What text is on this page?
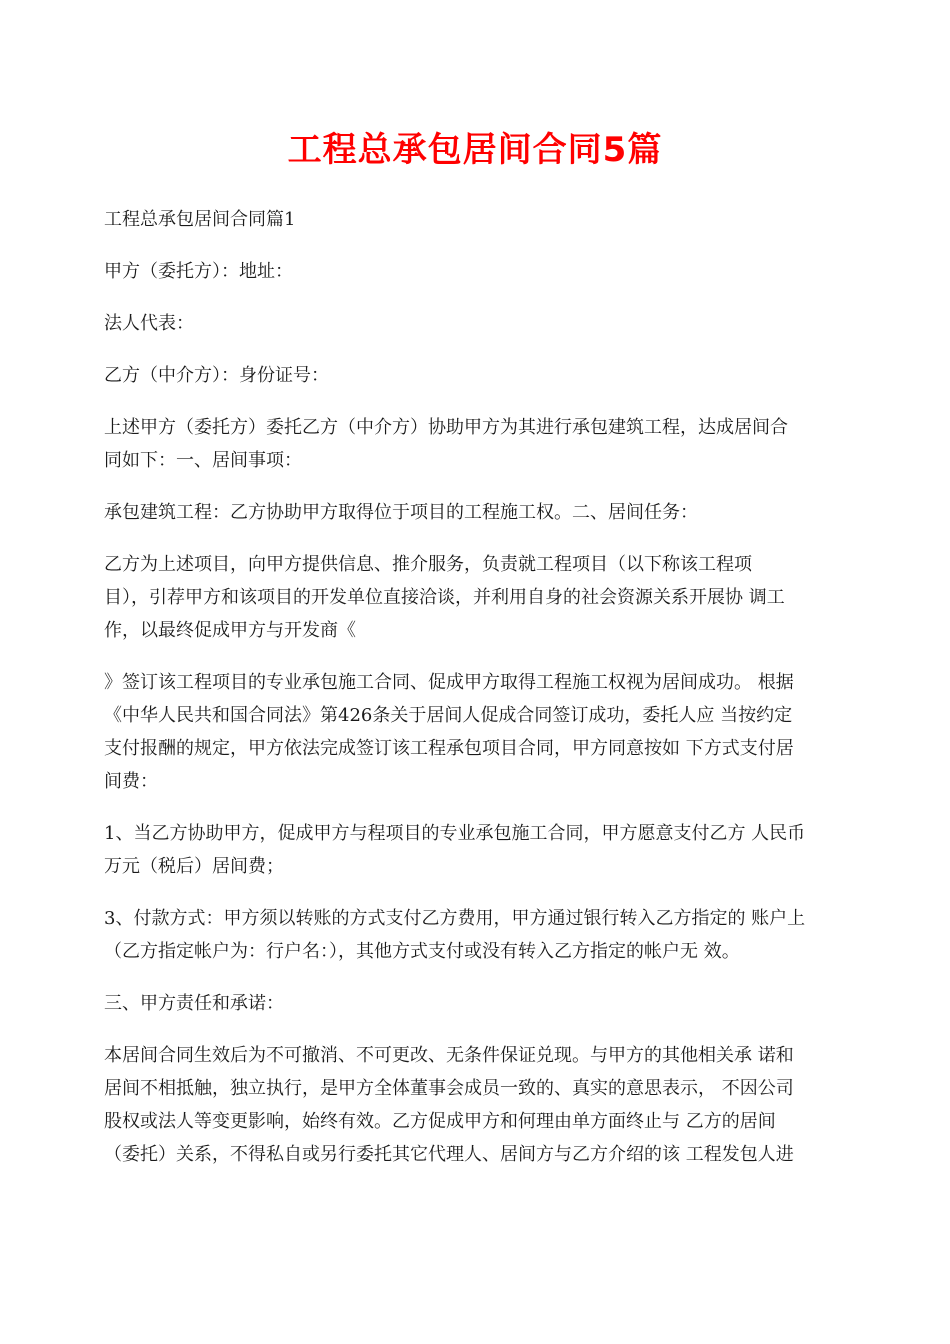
工程总承包居间合同5篇

工程总承包居间合同篇1

甲方（委托方）：地址：

法人代表：

乙方（中介方）：身份证号：

上述甲方（委托方）委托乙方（中介方）协助甲方为其进行承包建筑工程，达成居间合
同如下：一、居间事项：

承包建筑工程：乙方协助甲方取得位于项目的工程施工权。二、居间任务：

乙方为上述项目，向甲方提供信息、推介服务，负责就工程项目（以下称该工程项
目），引荐甲方和该项目的开发单位直接洽谈，并利用自身的社会资源关系开展协 调工
作，以最终促成甲方与开发商《

》签订该工程项目的专业承包施工合同、促成甲方取得工程施工权视为居间成功。 根据
《中华人民共和国合同法》第426条关于居间人促成合同签订成功，委托人应 当按约定
支付报酬的规定，甲方依法完成签订该工程承包项目合同，甲方同意按如 下方式支付居
间费：

1、当乙方协助甲方，促成甲方与程项目的专业承包施工合同，甲方愿意支付乙方 人民币
万元（税后）居间费；

3、付款方式：甲方须以转账的方式支付乙方费用，甲方通过银行转入乙方指定的 账户上
（乙方指定帐户为：行户名：），其他方式支付或没有转入乙方指定的帐户无 效。

三、甲方责任和承诺：

本居间合同生效后为不可撤消、不可更改、无条件保证兑现。与甲方的其他相关承 诺和
居间不相抵触，独立执行，是甲方全体董事会成员一致的、真实的意思表示， 不因公司
股权或法人等变更影响，始终有效。乙方促成甲方和何理由单方面终止与 乙方的居间
（委托）关系，不得私自或另行委托其它代理人、居间方与乙方介绍的该 工程发包人进
